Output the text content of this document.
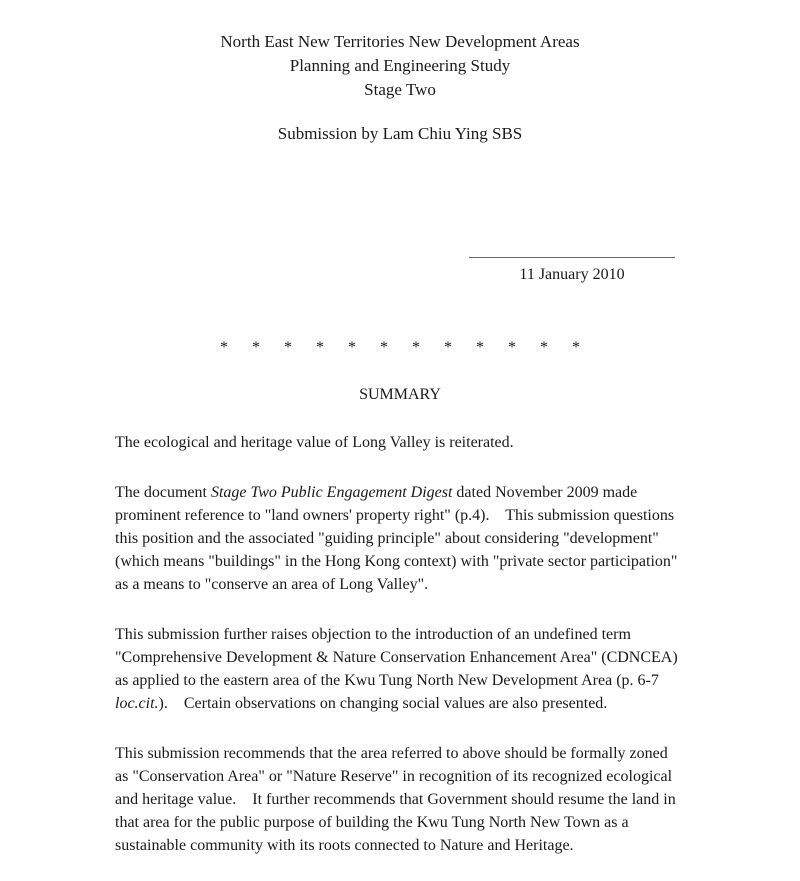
North East New Territories New Development Areas
Planning and Engineering Study
Stage Two
Submission by Lam Chiu Ying SBS
11 January 2010
* * * * * * * * * * * *
SUMMARY

The ecological and heritage value of Long Valley is reiterated.

The document Stage Two Public Engagement Digest dated November 2009 made prominent reference to "land owners' property right" (p.4).    This submission questions this position and the associated "guiding principle" about considering "development" (which means "buildings" in the Hong Kong context) with "private sector participation" as a means to "conserve an area of Long Valley".

This submission further raises objection to the introduction of an undefined term "Comprehensive Development & Nature Conservation Enhancement Area" (CDNCEA) as applied to the eastern area of the Kwu Tung North New Development Area (p. 6-7 loc.cit.).    Certain observations on changing social values are also presented.

This submission recommends that the area referred to above should be formally zoned as "Conservation Area" or "Nature Reserve" in recognition of its recognized ecological and heritage value.    It further recommends that Government should resume the land in that area for the public purpose of building the Kwu Tung North New Town as a sustainable community with its roots connected to Nature and Heritage.
